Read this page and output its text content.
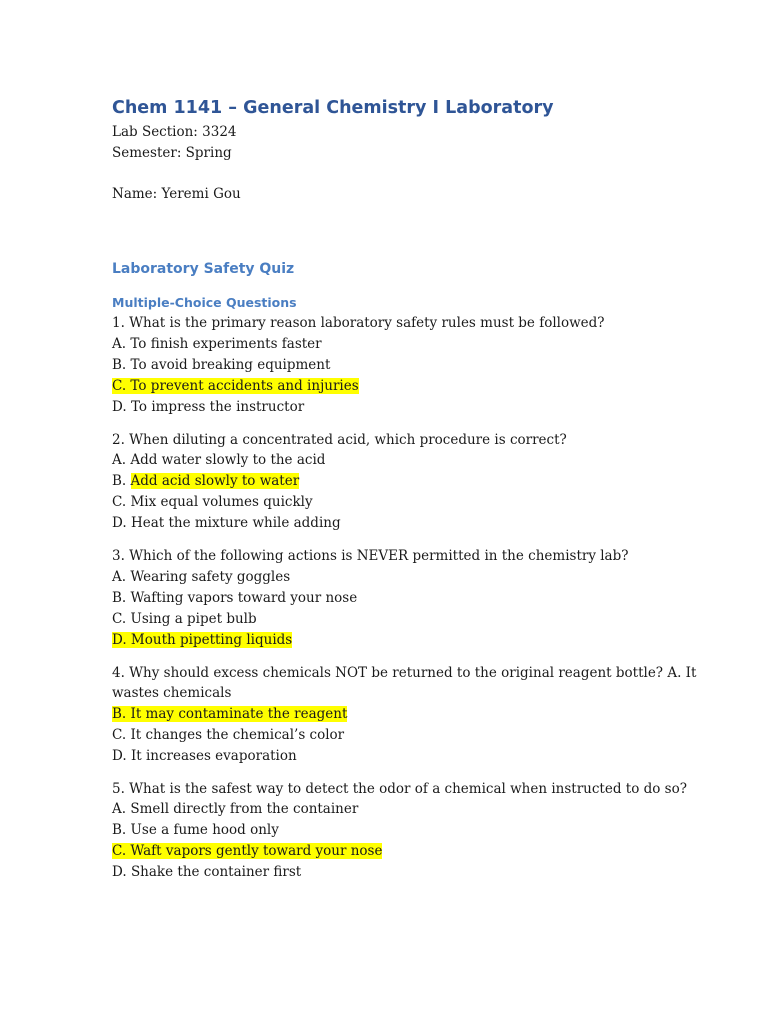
Chem 1141 – General Chemistry I Laboratory
Lab Section: 3324
Semester: Spring
Name: Yeremi Gou
Laboratory Safety Quiz
Multiple-Choice Questions
1. What is the primary reason laboratory safety rules must be followed?
A. To finish experiments faster
B. To avoid breaking equipment
C. To prevent accidents and injuries
D. To impress the instructor
2. When diluting a concentrated acid, which procedure is correct?
A. Add water slowly to the acid
B. Add acid slowly to water
C. Mix equal volumes quickly
D. Heat the mixture while adding
3. Which of the following actions is NEVER permitted in the chemistry lab?
A. Wearing safety goggles
B. Wafting vapors toward your nose
C. Using a pipet bulb
D. Mouth pipetting liquids
4. Why should excess chemicals NOT be returned to the original reagent bottle? A. It wastes chemicals
B. It may contaminate the reagent
C. It changes the chemical’s color
D. It increases evaporation
5. What is the safest way to detect the odor of a chemical when instructed to do so?
A. Smell directly from the container
B. Use a fume hood only
C. Waft vapors gently toward your nose
D. Shake the container first
